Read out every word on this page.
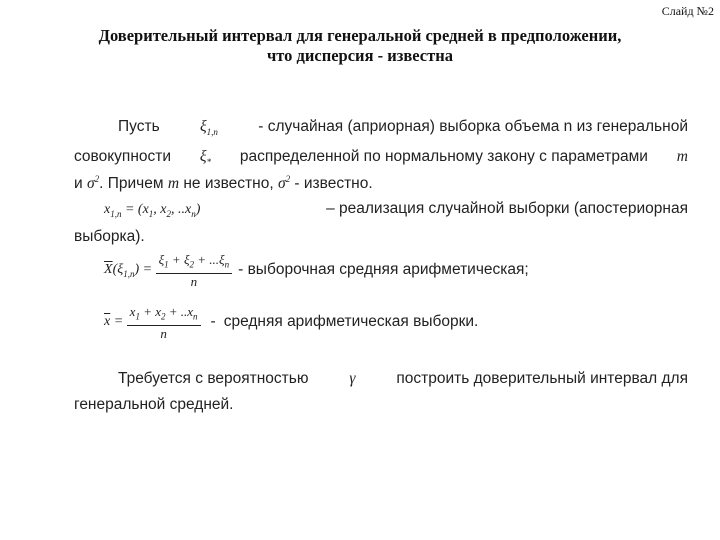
Слайд №2
Доверительный интервал для генеральной средней в предположении,
что дисперсия - известна
Пусть	$\xi_{1,n}$	- случайная (априорная) выборка объема n из генеральной
совокупности $\xi_*$ распределенной по нормальному закону с параметрами m
и $\sigma^2$. Причем m не известно, $\sigma^2$ - известно.
$x_{1,n} = (x_1$, $x_2$, $..x_n$)	– реализация случайной выборки (апостериорная
выборка).
$\overline{X}(\xi_{1,n}) = \frac{\xi_1 + \xi_2 + ...\xi_n}{n}$ - выборочная средняя арифметическая;
$\overline{x} = \frac{x_1 + x_2 + ..x_n}{n}$ - средняя арифметическая выборки.
Требуется с вероятностью	γ	построить доверительный интервал для
генеральной средней.
